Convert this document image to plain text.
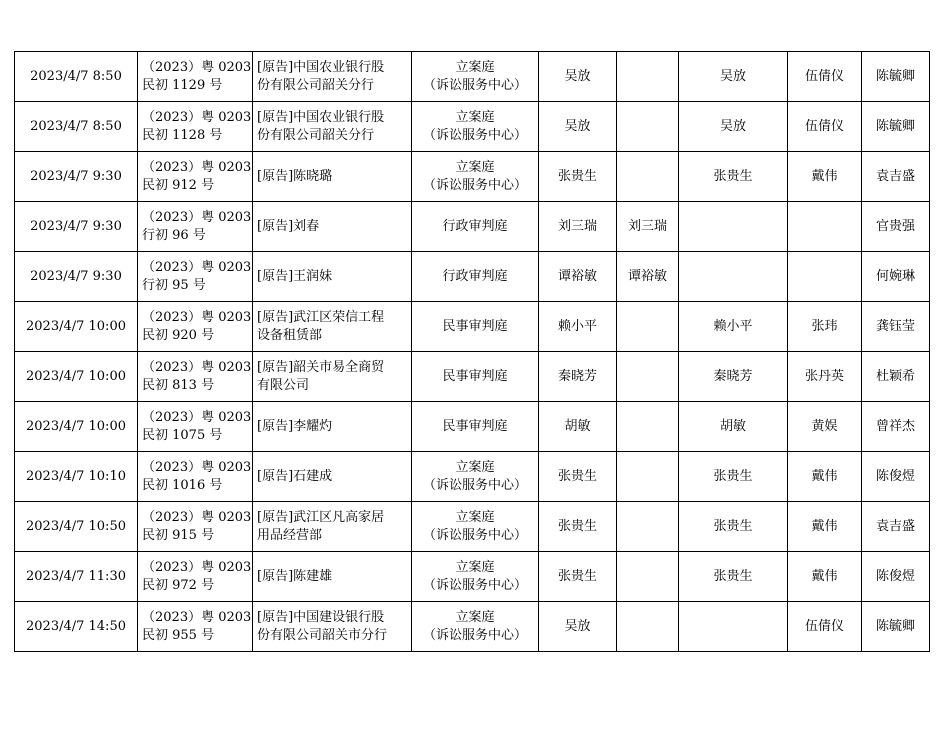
2023/4/7 8:50	（2023）粤 0203
民初 1129 号	[原告]中国农业银行股
份有限公司韶关分行	立案庭
（诉讼服务中心）	吴放		吴放	伍倩仪	陈毓卿

2023/4/7 8:50	（2023）粤 0203
民初 1128 号	[原告]中国农业银行股
份有限公司韶关分行	立案庭
（诉讼服务中心）	吴放		吴放	伍倩仪	陈毓卿

2023/4/7 9:30	（2023）粤 0203
民初 912 号	[原告]陈晓璐	立案庭
（诉讼服务中心）	张贵生		张贵生	戴伟	袁吉盛

2023/4/7 9:30	（2023）粤 0203
行初 96 号	[原告]刘春	行政审判庭	刘三瑞	刘三瑞			官贵强

2023/4/7 9:30	（2023）粤 0203
行初 95 号	[原告]王润妹	行政审判庭	谭裕敏	谭裕敏			何婉琳

2023/4/7 10:00	（2023）粤 0203
民初 920 号	[原告]武江区荣信工程
设备租赁部	民事审判庭	赖小平		赖小平	张玮	龚钰莹

2023/4/7 10:00	（2023）粤 0203
民初 813 号	[原告]韶关市易全商贸
有限公司	民事审判庭	秦晓芳		秦晓芳	张丹英	杜颖希

2023/4/7 10:00	（2023）粤 0203
民初 1075 号	[原告]李耀灼	民事审判庭	胡敏		胡敏	黄娱	曾祥杰

2023/4/7 10:10	（2023）粤 0203
民初 1016 号	[原告]石建成	立案庭
（诉讼服务中心）	张贵生		张贵生	戴伟	陈俊煜

2023/4/7 10:50	（2023）粤 0203
民初 915 号	[原告]武江区凡高家居
用品经营部	立案庭
（诉讼服务中心）	张贵生		张贵生	戴伟	袁吉盛

2023/4/7 11:30	（2023）粤 0203
民初 972 号	[原告]陈建雄	立案庭
（诉讼服务中心）	张贵生		张贵生	戴伟	陈俊煜

2023/4/7 14:50	（2023）粤 0203
民初 955 号	[原告]中国建设银行股
份有限公司韶关市分行	立案庭
（诉讼服务中心）	吴放			伍倩仪	陈毓卿
